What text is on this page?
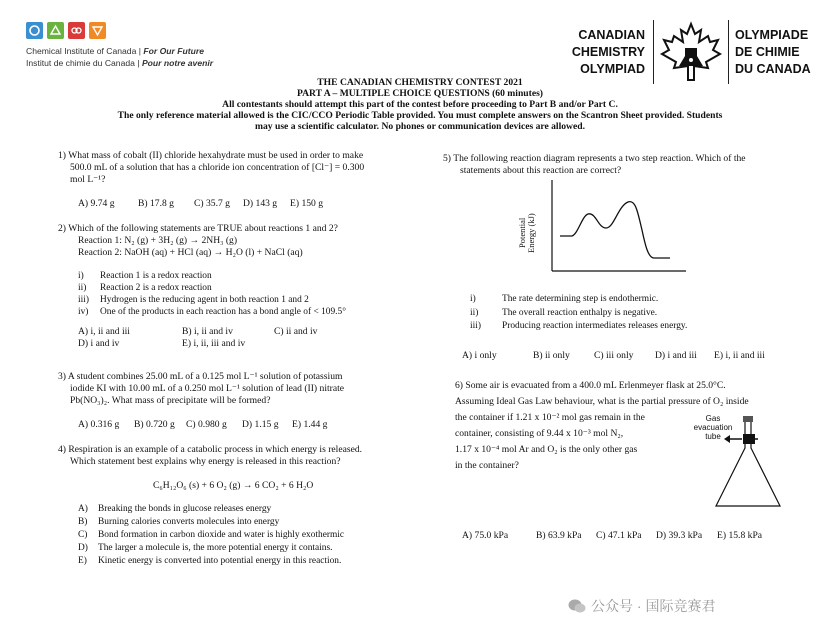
Chemical Institute of Canada | For Our Future
Institut de chimie du Canada | Pour notre avenir
CANADIAN
CHEMISTRY
OLYMPIAD
OLYMPIADE
DE CHIMIE
DU CANADA
THE CANADIAN CHEMISTRY CONTEST 2021
PART A – MULTIPLE CHOICE QUESTIONS (60 minutes)
All contestants should attempt this part of the contest before proceeding to Part B and/or Part C.
The only reference material allowed is the CIC/CCO Periodic Table provided. You must complete answers on the Scantron Sheet provided. Students
may use a scientific calculator. No phones or communication devices are allowed.
1) What mass of cobalt (II) chloride hexahydrate must be used in order to make
500.0 mL of a solution that has a chloride ion concentration of [Cl⁻] = 0.300
mol L⁻¹?
A) 9.74 g	B) 17.8 g	C) 35.7 g	D) 143 g	E) 150 g
2) Which of the following statements are TRUE about reactions 1 and 2?
Reaction 1: N₂ (g) + 3H₂ (g) → 2NH₃ (g)
Reaction 2: NaOH (aq) + HCl (aq) → H₂O (l) + NaCl (aq)
i)	Reaction 1 is a redox reaction
ii)	Reaction 2 is a redox reaction
iii)	Hydrogen is the reducing agent in both reaction 1 and 2
iv)	One of the products in each reaction has a bond angle of < 109.5°
A) i, ii and iii	B) i, ii and iv	C) ii and iv
D) i and iv	E) i, ii, iii and iv
3) A student combines 25.00 mL of a 0.125 mol L⁻¹ solution of potassium
iodide KI with 10.00 mL of a 0.250 mol L⁻¹ solution of lead (II) nitrate
Pb(NO₃)₂. What mass of precipitate will be formed?
A) 0.316 g	B) 0.720 g	C) 0.980 g	D) 1.15 g	E) 1.44 g
4) Respiration is an example of a catabolic process in which energy is released.
Which statement best explains why energy is released in this reaction?
C₆H₁₂O₆ (s) + 6 O₂ (g) → 6 CO₂ + 6 H₂O
A)	Breaking the bonds in glucose releases energy
B)	Burning calories converts molecules into energy
C)	Bond formation in carbon dioxide and water is highly exothermic
D)	The larger a molecule is, the more potential energy it contains.
E)	Kinetic energy is converted into potential energy in this reaction.
5) The following reaction diagram represents a two step reaction. Which of the
statements about this reaction are correct?
Potential
Energy (kJ)
i)	The rate determining step is endothermic.
ii)	The overall reaction enthalpy is negative.
iii)	Producing reaction intermediates releases energy.
A) i only	B) ii only	C) iii only	D) i and iii	E) i, ii and iii
6) Some air is evacuated from a 400.0 mL Erlenmeyer flask at 25.0°C.
Assuming Ideal Gas Law behaviour, what is the partial pressure of O₂ inside
the container if 1.21 x 10⁻² mol gas remain in the
container, consisting of 9.44 x 10⁻³ mol N₂,
1.17 x 10⁻⁴ mol Ar and O₂ is the only other gas
in the container?
Gas
evacuation
tube
A) 75.0 kPa	B) 63.9 kPa	C) 47.1 kPa	D) 39.3 kPa	E) 15.8 kPa
公众号 · 国际竞赛君
